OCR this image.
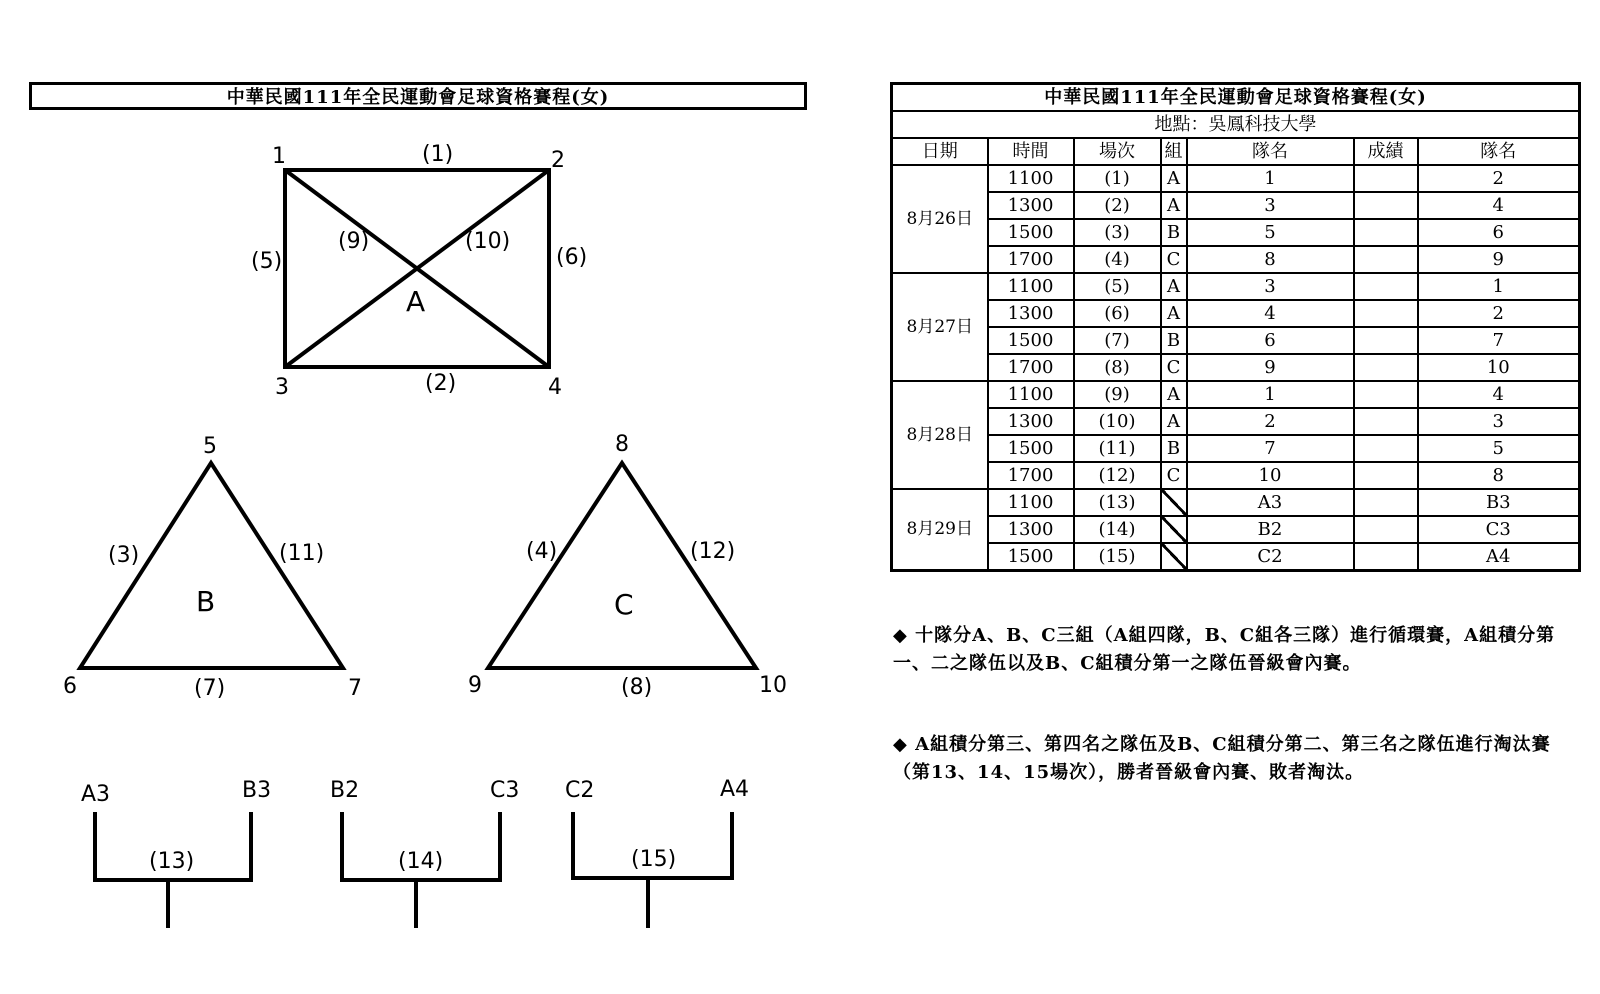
中華民國111年全民運動會足球資格賽程(女)
1	2
3	4
(1)
(2)
(5)	(6)
(9)	(10)
A
5
6	7
(3)	(11)
(7)
B
8
9	10
(4)	(12)
(8)
C
A3	B3
(13)
B2	C3
(14)
C2	A4
(15)
中華民國111年全民運動會足球資格賽程(女)						
地點：吳鳳科技大學						
日期	時間	場次	組	隊名	成績	隊名
8月26日	1100	(1)	A	1		2
	1300	(2)	A	3		4
	1500	(3)	B	5		6
	1700	(4)	C	8		9
8月27日	1100	(5)	A	3		1
	1300	(6)	A	4		2
	1500	(7)	B	6		7
	1700	(8)	C	9		10
8月28日	1100	(9)	A	1		4
	1300	(10)	A	2		3
	1500	(11)	B	7		5
	1700	(12)	C	10		8
8月29日	1100	(13)		A3		B3
	1300	(14)		B2		C3
	1500	(15)		C2		A4
◆ 十隊分A、B、C三組（A組四隊，B、C組各三隊）進行循環賽，A組積分第一、二之隊伍以及B、C組積分第一之隊伍晉級會內賽。
◆ A組積分第三、第四名之隊伍及B、C組積分第二、第三名之隊伍進行淘汰賽（第13、14、15場次），勝者晉級會內賽、敗者淘汰。
